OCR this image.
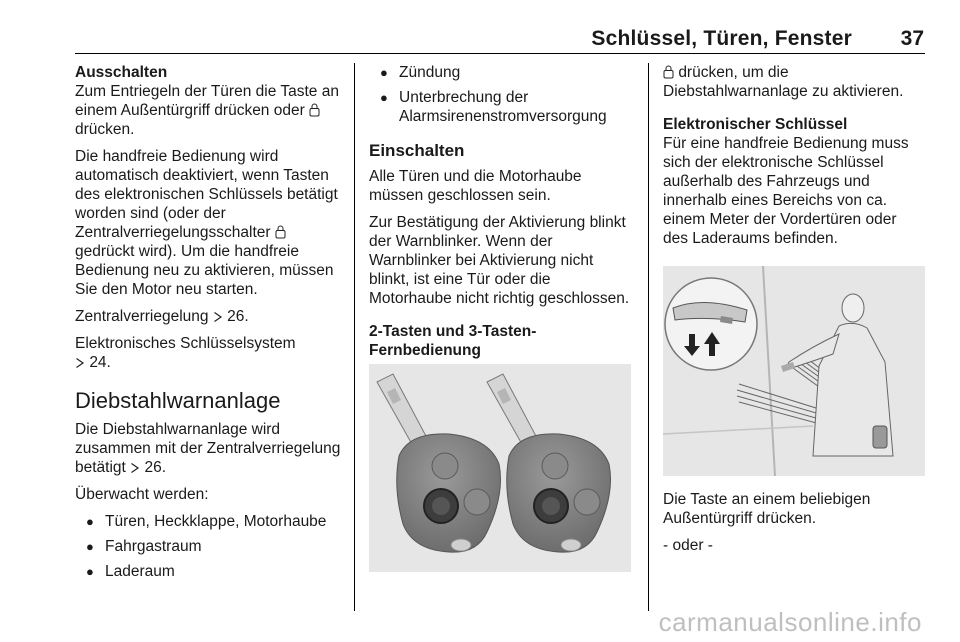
Schlüssel, Türen, Fenster 37

Ausschalten

Zum Entriegeln der Türen die Taste an einem Außentürgriff drücken oder  drücken.

Die handfreie Bedienung wird automatisch deaktiviert, wenn Tasten des elektronischen Schlüssels betätigt worden sind (oder der Zentralverriegelungsschalter  gedrückt wird). Um die handfreie Bedienung neu zu aktivieren, müssen Sie den Motor neu starten.

Zentralverriegelung 26.

Elektronisches Schlüsselsystem
24.

Diebstahlwarnanlage

Die Diebstahlwarnanlage wird zusammen mit der Zentralverriegelung betätigt 26.

Überwacht werden:

● Türen, Heckklappe, Motorhaube
● Fahrgastraum
● Laderaum
● Zündung
● Unterbrechung der Alarmsirenenstromversorgung
Einschalten

Alle Türen und die Motorhaube müssen geschlossen sein.

Zur Bestätigung der Aktivierung blinkt der Warnblinker. Wenn der Warnblinker bei Aktivierung nicht blinkt, ist eine Tür oder die Motorhaube nicht richtig geschlossen.

2-Tasten und 3-Tasten-Fernbedienung

drücken, um die Diebstahlwarnanlage zu aktivieren.

Elektronischer Schlüssel

Für eine handfreie Bedienung muss sich der elektronische Schlüssel außerhalb des Fahrzeugs und innerhalb eines Bereichs von ca. einem Meter der Vordertüren oder des Laderaums befinden.

Die Taste an einem beliebigen Außentürgriff drücken.

- oder -

carmanualsonline.info
